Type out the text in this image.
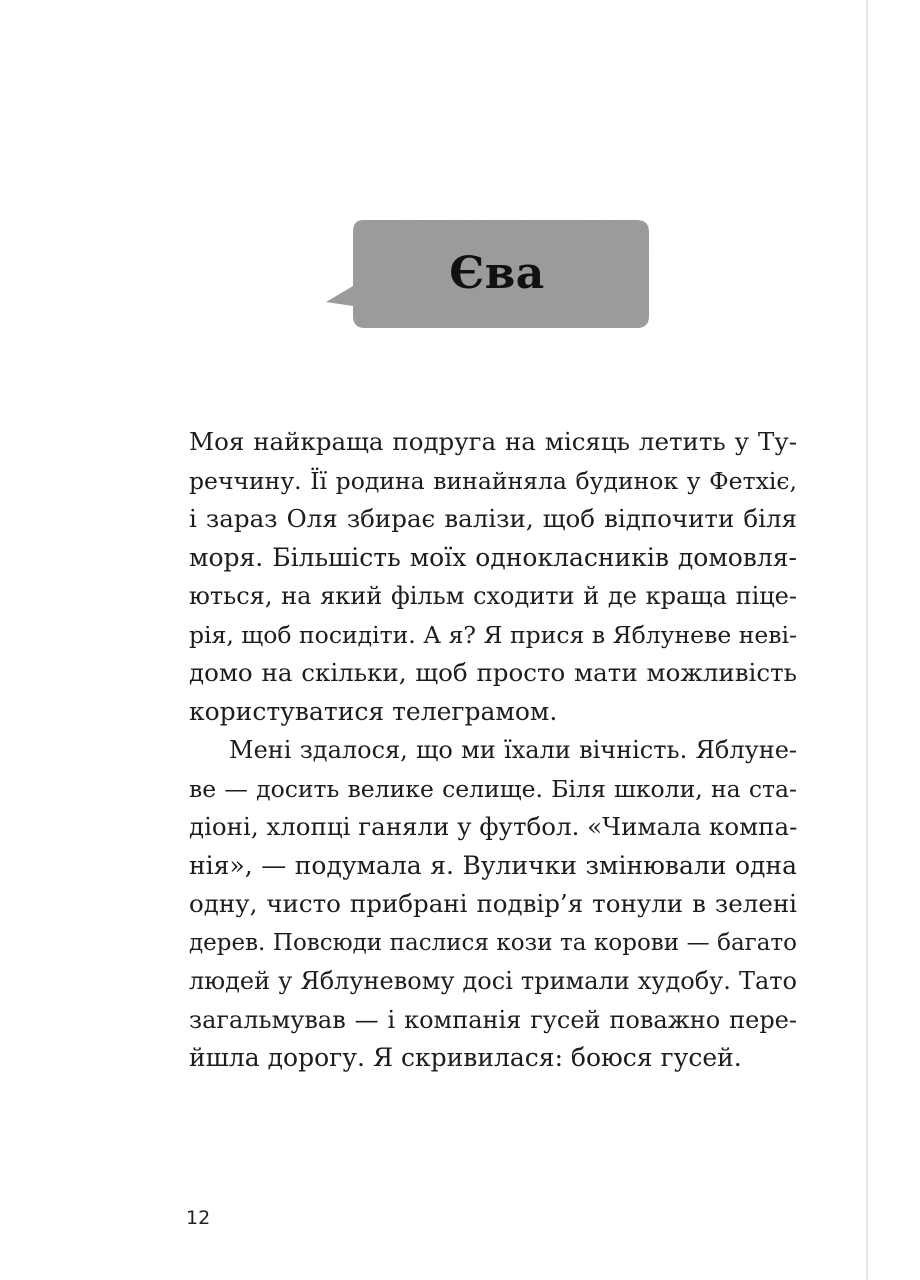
Єва
Моя найкраща подруга на місяць летить у Ту-
реччину. Її родина винайняла будинок у Фетхіє,
і зараз Оля збирає валізи, щоб відпочити біля
моря. Більшість моїх однокласників домовля-
ються, на який фільм сходити й де краща піце-
рія, щоб посидіти. А я? Я прися в Яблуневе неві-
домо на скільки, щоб просто мати можливість
користуватися телеграмом.
Мені здалося, що ми їхали вічність. Яблуне-
ве — досить велике селище. Біля школи, на ста-
діоні, хлопці ганяли у футбол. «Чимала компа-
нія», — подумала я. Вулички змінювали одна
одну, чисто прибрані подвір’я тонули в зелені
дерев. Повсюди паслися кози та корови — багато
людей у Яблуневому досі тримали худобу. Тато
загальмував — і компанія гусей поважно пере-
йшла дорогу. Я скривилася: боюся гусей.
12
